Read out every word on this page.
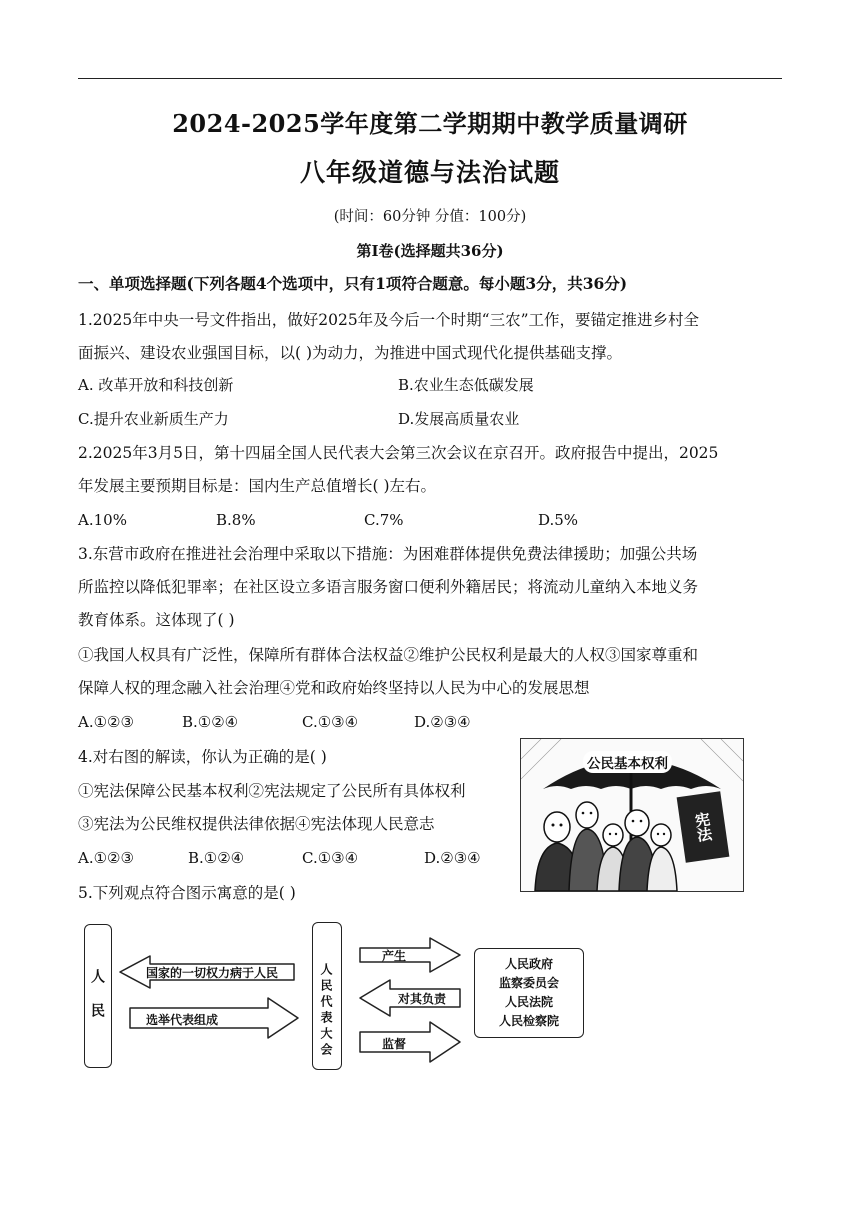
2024-2025学年度第二学期期中教学质量调研
八年级道德与法治试题
(时间：60分钟 分值：100分)
第Ⅰ卷(选择题共36分)
一、单项选择题(下列各题4个选项中，只有1项符合题意。每小题3分，共36分)
1.2025年中央一号文件指出，做好2025年及今后一个时期“三农”工作，要锚定推进乡村全
面振兴、建设农业强国目标，以( )为动力，为推进中国式现代化提供基础支撑。
A. 改革开放和科技创新	B.农业生态低碳发展
C.提升农业新质生产力	D.发展高质量农业
2.2025年3月5日，第十四届全国人民代表大会第三次会议在京召开。政府报告中提出，2025
年发展主要预期目标是：国内生产总值增长( )左右。
A.10%	B.8%	C.7%	D.5%
3.东营市政府在推进社会治理中采取以下措施：为困难群体提供免费法律援助；加强公共场
所监控以降低犯罪率；在社区设立多语言服务窗口便利外籍居民；将流动儿童纳入本地义务
教育体系。这体现了( )
①我国人权具有广泛性，保障所有群体合法权益②维护公民权利是最大的人权③国家尊重和
保障人权的理念融入社会治理④党和政府始终坚持以人民为中心的发展思想
A.①②③	B.①②④	C.①③④	D.②③④
4.对右图的解读，你认为正确的是( )
①宪法保障公民基本权利②宪法规定了公民所有具体权利
③宪法为公民维权提供法律依据④宪法体现人民意志
A.①②③	B.①②④	C.①③④	D.②③④
公民基本权利
宪法
5.下列观点符合图示寓意的是( )
人民	人民代表大会
国家的一切权力病于人民
选举代表组成
产生
对其负责
监督
人民政府
监察委员会
人民法院
人民检察院
